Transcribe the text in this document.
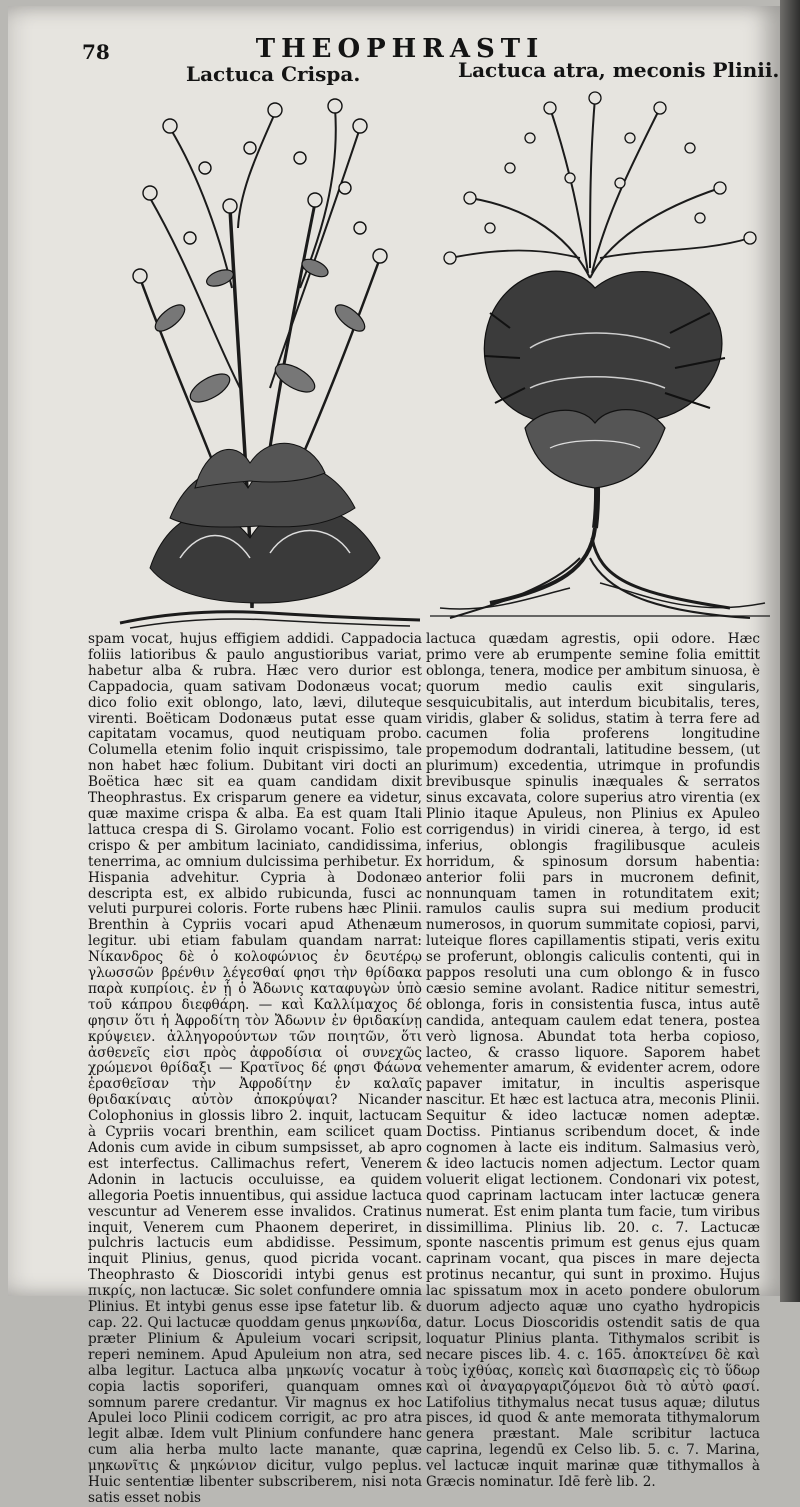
78	THEOPHRASTI
Lactuca Crispa.	Lactuca atra, meconis Plinii.

spam vocat, hujus effigiem addidi. Cappadocia foliis latioribus & paulo angustioribus variat, habetur alba & rubra. Hæc vero durior est Cappadocia, quam sativam Dodonæus vocat; dico folio exit oblongo, lato, lævi, diluteque virenti. Boëticam Dodonæus putat esse quam capitatam vocamus, quod neutiquam probo. Columella etenim folio inquit crispissimo, tale non habet hæc folium. Dubitant viri docti an Boëtica hæc sit ea quam candidam dixit Theophrastus. Ex crisparum genere ea videtur, quæ maxime crispa & alba. Ea est quam Itali lattuca crespa di S. Girolamo vocant. Folio est crispo & per ambitum laciniato, candidissima, tenerrima, ac omnium dulcissima perhibetur. Ex Hispania advehitur. Cypria à Dodonæo descripta est, ex albido rubicunda, fusci ac veluti purpurei coloris. Forte rubens hæc Plinii. Brenthin à Cypriis vocari apud Athenæum legitur. ubi etiam fabulam quandam narrat: Νίκανδρος δὲ ὁ κολοφώνιος ἐν δευτέρῳ γλωσσῶν βρένθιν λέγεσθαί φησι τὴν θρίδακα παρὰ κυπρίοις. ἐν ᾗ ὁ Ἄδωνις καταφυγὼν ὑπὸ τοῦ κάπρου διεφθάρη. — καὶ Καλλίμαχος δέ φησιν ὅτι ἡ Ἀφροδίτη τὸν Ἄδωνιν ἐν θριδακίνῃ κρύψειεν. ἀλληγορούντων τῶν ποιητῶν, ὅτι ἀσθενεῖς εἰσι πρὸς ἀφροδίσια οἱ συνεχῶς χρώμενοι θρίδαξι — Κρατῖνος δέ φησι Φάωνα ἐρασθεῖσαν τὴν Ἀφροδίτην ἐν καλαῖς θριδακίναις αὐτὸν ἀποκρύψαι? Nicander Colophonius in glossis libro 2. inquit, lactucam à Cypriis vocari brenthin, eam scilicet quam Adonis cum avide in cibum sumpsisset, ab apro est interfectus. Callimachus refert, Venerem Adonin in lactucis occuluisse, ea quidem allegoria Poetis innuentibus, qui assidue lactuca vescuntur ad Venerem esse invalidos. Cratinus inquit, Venerem cum Phaonem deperiret, in pulchris lactucis eum abdidisse. Pessimum, inquit Plinius, genus, quod picrida vocant. Theophrasto & Dioscoridi intybi genus est πικρίς, non lactucæ. Sic solet confundere omnia Plinius. Et intybi genus esse ipse fatetur lib. & cap. 22. Qui lactucæ quoddam genus μηκωνίδα, præter Plinium & Apuleium vocari scripsit, reperi neminem. Apud Apuleium non atra, sed alba legitur. Lactuca alba μηκωνίς vocatur à copia lactis soporiferi, quanquam omnes somnum parere credantur. Vir magnus ex hoc Apulei loco Plinii codicem corrigit, ac pro atra legit albæ. Idem vult Plinium confundere hanc cum alia herba multo lacte manante, quæ μηκωνῖτις & μηκώνιον dicitur, vulgo peplus. Huic sententiæ libenter subscriberem, nisi nota satis esset nobis

lactuca quædam agrestis, opii odore. Hæc primo vere ab erumpente semine folia emittit oblonga, tenera, modice per ambitum sinuosa, è quorum medio caulis exit singularis, sesquicubitalis, aut interdum bicubitalis, teres, viridis, glaber & solidus, statim à terra fere ad cacumen folia proferens longitudine propemodum dodrantali, latitudine bessem, (ut plurimum) excedentia, utrimque in profundis brevibusque spinulis inæquales & serratos sinus excavata, colore superius atro virentia (ex Plinio itaque Apuleus, non Plinius ex Apuleo corrigendus) in viridi cinerea, à tergo, id est inferius, oblongis fragilibusque aculeis horridum, & spinosum dorsum habentia: anterior folii pars in mucronem definit, nonnunquam tamen in rotunditatem exit; ramulos caulis supra sui medium producit numerosos, in quorum summitate copiosi, parvi, luteique flores capillamentis stipati, veris exitu se proferunt, oblongis caliculis contenti, qui in pappos resoluti una cum oblongo & in fusco cæsio semine avolant. Radice nititur semestri, oblonga, foris in consistentia fusca, intus autē candida, antequam caulem edat tenera, postea verò lignosa. Abundat tota herba copioso, lacteo, & crasso liquore. Saporem habet vehementer amarum, & evidenter acrem, odore papaver imitatur, in incultis asperisque nascitur. Et hæc est lactuca atra, meconis Plinii. Sequitur & ideo lactucæ nomen adeptæ. Doctiss. Pintianus scribendum docet, & inde cognomen à lacte eis inditum. Salmasius verò, & ideo lactucis nomen adjectum. Lector quam voluerit eligat lectionem. Condonari vix potest, quod caprinam lactucam inter lactucæ genera numerat. Est enim planta tum facie, tum viribus dissimillima. Plinius lib. 20. c. 7. Lactucæ sponte nascentis primum est genus ejus quam caprinam vocant, qua pisces in mare dejecta protinus necantur, qui sunt in proximo. Hujus lac spissatum mox in aceto pondere obulorum duorum adjecto aquæ uno cyatho hydropicis datur. Locus Dioscoridis ostendit satis de qua loquatur Plinius planta. Tithymalos scribit is necare pisces lib. 4. c. 165. ἀποκτείνει δὲ καὶ τοὺς ἰχθύας, κοπεὶς καὶ διασπαρεὶς εἰς τὸ ὕδωρ καὶ οἱ ἀναγαργαριζόμενοι διὰ τὸ αὐτὸ φασί. Latifolius tithymalus necat tusus aquæ; dilutus pisces, id quod & ante memorata tithymalorum genera præstant. Male scribitur lactuca caprina, legendū ex Celso lib. 5. c. 7. Marina, vel lactucæ inquit marinæ quæ tithymallos à Græcis nominatur. Idē ferè lib. 2.
